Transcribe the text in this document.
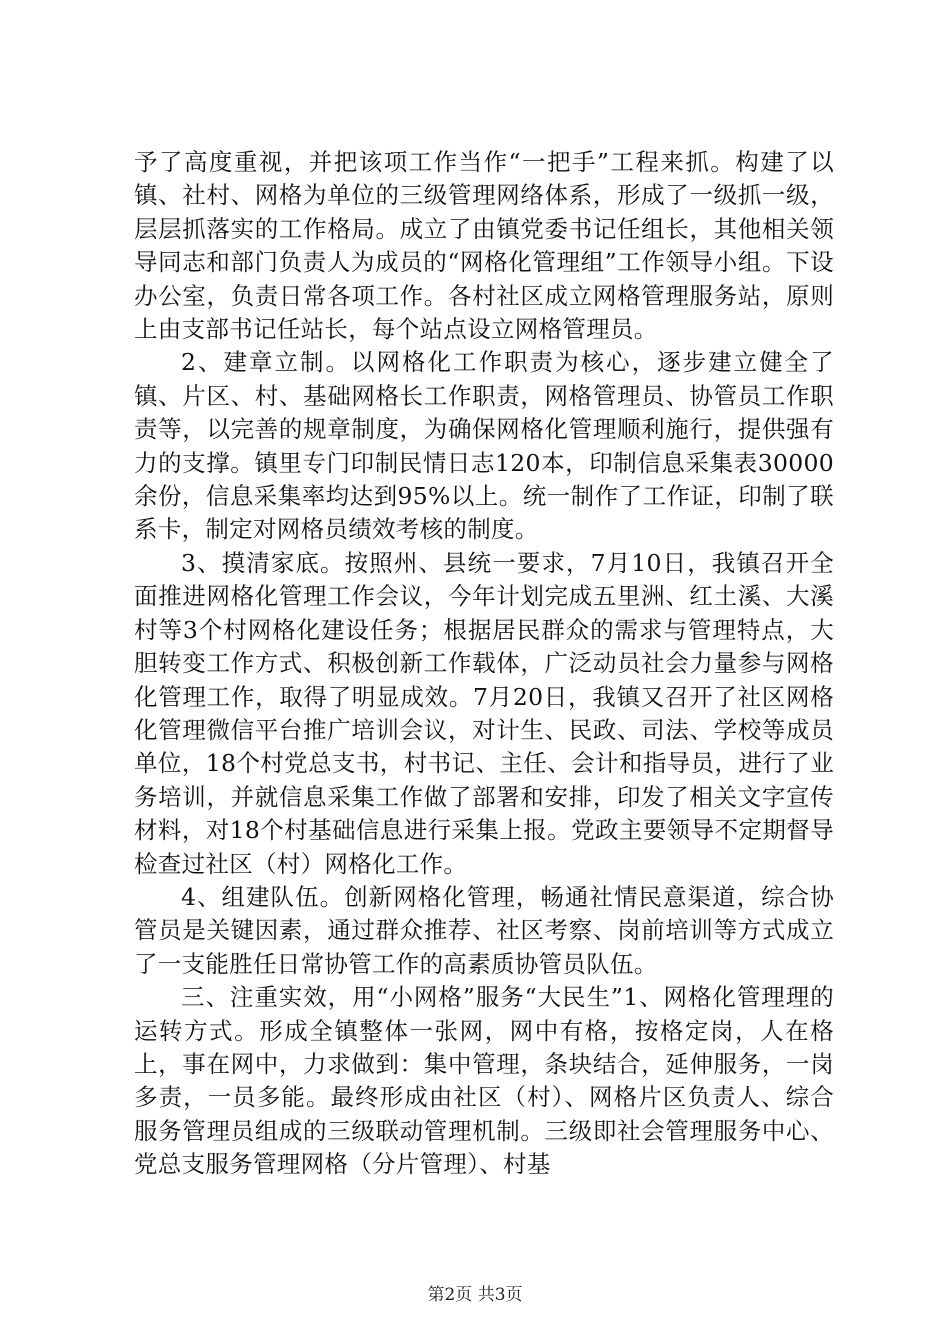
予了高度重视，并把该项工作当作“一把手”工程来抓。构建了以镇、社村、网格为单位的三级管理网络体系，形成了一级抓一级，层层抓落实的工作格局。成立了由镇党委书记任组长，其他相关领导同志和部门负责人为成员的“网格化管理组”工作领导小组。下设办公室，负责日常各项工作。各村社区成立网格管理服务站，原则上由支部书记任站长，每个站点设立网格管理员。

2、建章立制。以网格化工作职责为核心，逐步建立健全了镇、片区、村、基础网格长工作职责，网格管理员、协管员工作职责等，以完善的规章制度，为确保网格化管理顺利施行，提供强有力的支撑。镇里专门印制民情日志120本，印制信息采集表30000余份，信息采集率均达到95%以上。统一制作了工作证，印制了联系卡，制定对网格员绩效考核的制度。

3、摸清家底。按照州、县统一要求，7月10日，我镇召开全面推进网格化管理工作会议，今年计划完成五里洲、红土溪、大溪村等3个村网格化建设任务；根据居民群众的需求与管理特点，大胆转变工作方式、积极创新工作载体，广泛动员社会力量参与网格化管理工作，取得了明显成效。7月20日，我镇又召开了社区网格化管理微信平台推广培训会议，对计生、民政、司法、学校等成员单位，18个村党总支书，村书记、主任、会计和指导员，进行了业务培训，并就信息采集工作做了部署和安排，印发了相关文字宣传材料，对18个村基础信息进行采集上报。党政主要领导不定期督导检查过社区（村）网格化工作。

4、组建队伍。创新网格化管理，畅通社情民意渠道，综合协管员是关键因素，通过群众推荐、社区考察、岗前培训等方式成立了一支能胜任日常协管工作的高素质协管员队伍。

三、注重实效，用“小网格”服务“大民生”1、网格化管理理的运转方式。形成全镇整体一张网，网中有格，按格定岗，人在格上，事在网中，力求做到：集中管理，条块结合，延伸服务，一岗多责，一员多能。最终形成由社区（村）、网格片区负责人、综合服务管理员组成的三级联动管理机制。三级即社会管理服务中心、党总支服务管理网格（分片管理）、村基

第2页 共3页
